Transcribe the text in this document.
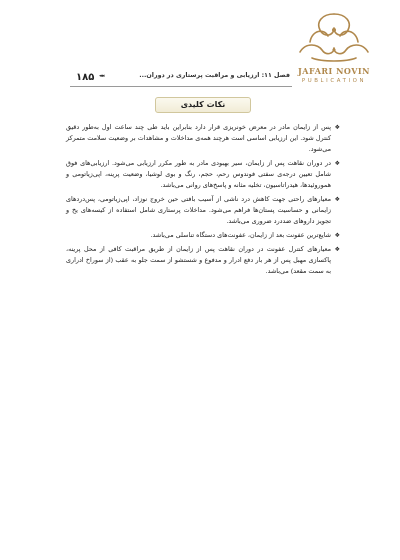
JAFARI NOVIN
PUBLICATION
۱۸۵ ◂◂◂	فصل ۱۱: ارزیابی و مراقبت پرستاری در دوران...
نکات کلیدی
❖
پس از زایمان مادر در معرض خونریزی قرار دارد بنابراین باید طی چند ساعت اول به‌طور دقیق کنترل شود. این ارزیابی اساسی است هرچند همه‌ی مداخلات و مشاهدات بر وضعیت سلامت متمرکز می‌شود.
❖
در دوران نقاهت پس از زایمان، سیر بهبودی مادر به طور مکرر ارزیابی می‌شود. ارزیابی‌های فوق شامل تعیین درجه‌ی سفتی فوندوس رحم، حجم، رنگ و بوی لوشیا، وضعیت پرینه، اپی‌زیاتومی و هموروئیدها، هیدراتاسیون، تخلیه مثانه و پاسخ‌های روانی می‌باشد.
❖
معیارهای راحتی جهت کاهش درد ناشی از آسیب بافتی حین خروج نوزاد، اپی‌زیاتومی، پس‌دردهای زایمانی و حساسیت پستان‌ها فراهم می‌شود. مداخلات پرستاری شامل استفاده از کیسه‌های یخ و تجویز داروهای ضددرد ضروری می‌باشد.
❖
شایع‌ترین عفونت بعد از زایمان، عفونت‌های دستگاه تناسلی می‌باشد.
❖
معیارهای کنترل عفونت در دوران نقاهت پس از زایمان از طریق مراقبت کافی از محل پرینه، پاکسازی مهبل پس از هر بار دفع ادرار و مدفوع و شستشو از سمت جلو به عقب (از سوراخ ادراری به سمت مقعد) می‌باشد.
